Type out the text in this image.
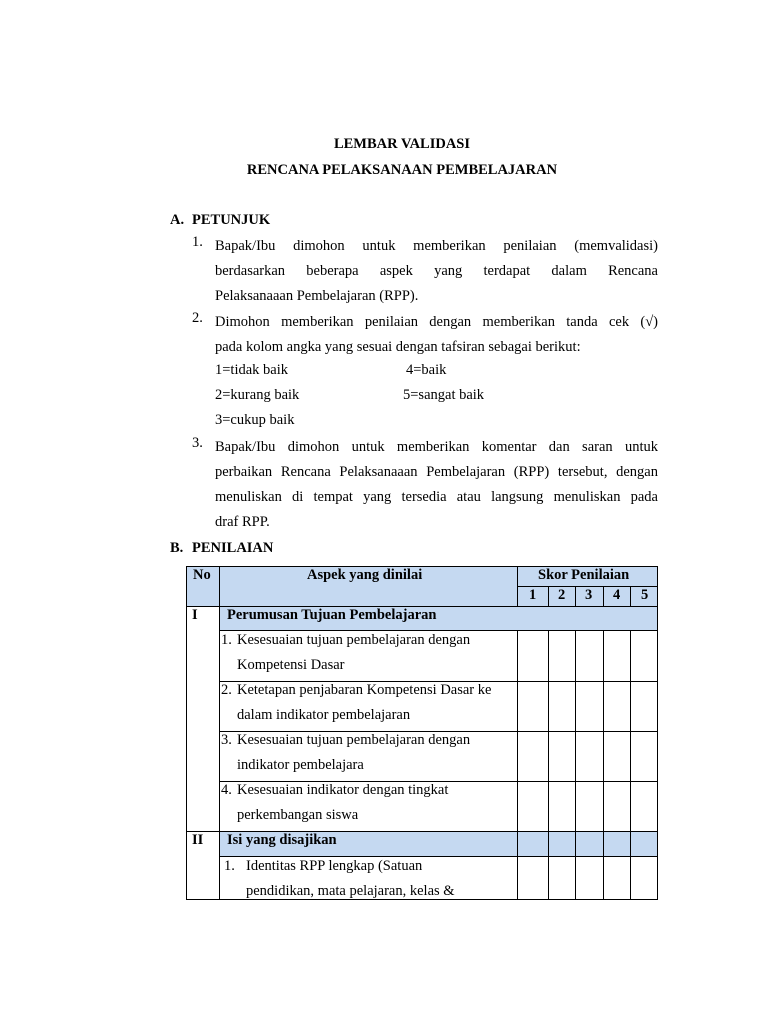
LEMBAR VALIDASI
RENCANA PELAKSANAAN PEMBELAJARAN
A. PETUNJUK
1. Bapak/Ibu dimohon untuk memberikan penilaian (memvalidasi)

berdasarkan beberapa aspek yang terdapat dalam Rencana

Pelaksanaaan Pembelajaran (RPP).

2. Dimohon memberikan penilaian dengan memberikan tanda cek (√)

pada kolom angka yang sesuai dengan tafsiran sebagai berikut:

1=tidak baik	4=baik
2=kurang baik	5=sangat baik
3=cukup baik
3. Bapak/Ibu dimohon untuk memberikan komentar dan saran untuk

perbaikan Rencana Pelaksanaaan Pembelajaran (RPP) tersebut, dengan

menuliskan di tempat yang tersedia atau langsung menuliskan pada

draf RPP.

B. PENILAIAN
No	Aspek yang dinilai	Skor Penilaian
1 2 3 4 5
I Perumusan Tujuan Pembelajaran
1. Kesesuaian tujuan pembelajaran dengan
Kompetensi Dasar
2. Ketetapan penjabaran Kompetensi Dasar ke
dalam indikator pembelajaran
3. Kesesuaian tujuan pembelajaran dengan
indikator pembelajara
4. Kesesuaian indikator dengan tingkat
perkembangan siswa
II Isi yang disajikan
1. Identitas RPP lengkap (Satuan
pendidikan, mata pelajaran, kelas &
